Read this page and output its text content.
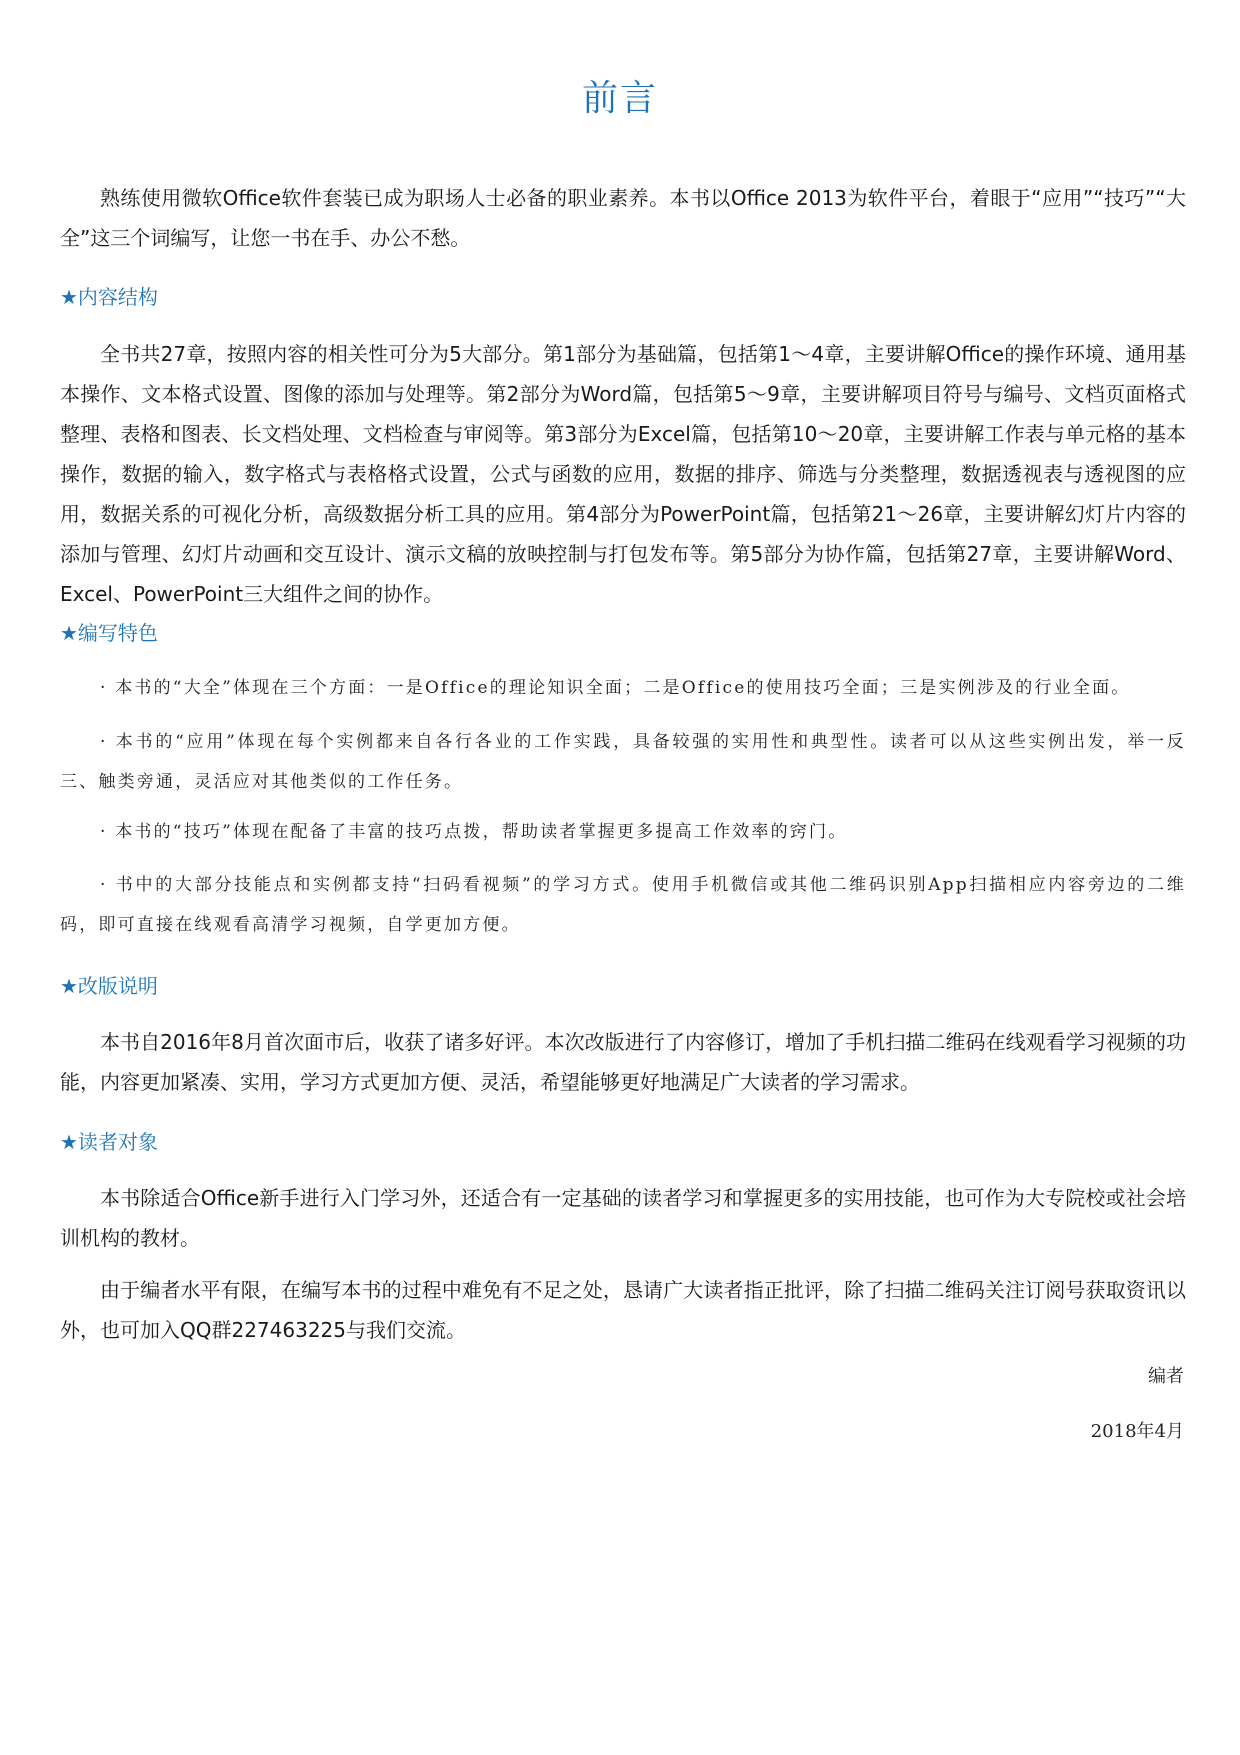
前言

熟练使用微软Office软件套装已成为职场人士必备的职业素养。本书以Office 2013为软件平台，着眼于“应用”“技巧”“大全”这三个词编写，让您一书在手、办公不愁。

★内容结构

全书共27章，按照内容的相关性可分为5大部分。第1部分为基础篇，包括第1～4章，主要讲解Office的操作环境、通用基本操作、文本格式设置、图像的添加与处理等。第2部分为Word篇，包括第5～9章，主要讲解项目符号与编号、文档页面格式整理、表格和图表、长文档处理、文档检查与审阅等。第3部分为Excel篇，包括第10～20章，主要讲解工作表与单元格的基本操作，数据的输入，数字格式与表格格式设置，公式与函数的应用，数据的排序、筛选与分类整理，数据透视表与透视图的应用，数据关系的可视化分析，高级数据分析工具的应用。第4部分为PowerPoint篇，包括第21～26章，主要讲解幻灯片内容的添加与管理、幻灯片动画和交互设计、演示文稿的放映控制与打包发布等。第5部分为协作篇，包括第27章，主要讲解Word、Excel、PowerPoint三大组件之间的协作。

★编写特色

· 本书的“大全”体现在三个方面：一是Office的理论知识全面；二是Office的使用技巧全面；三是实例涉及的行业全面。

· 本书的“应用”体现在每个实例都来自各行各业的工作实践，具备较强的实用性和典型性。读者可以从这些实例出发，举一反三、触类旁通，灵活应对其他类似的工作任务。

· 本书的“技巧”体现在配备了丰富的技巧点拨，帮助读者掌握更多提高工作效率的窍门。

· 书中的大部分技能点和实例都支持“扫码看视频”的学习方式。使用手机微信或其他二维码识别App扫描相应内容旁边的二维码，即可直接在线观看高清学习视频，自学更加方便。

★改版说明

本书自2016年8月首次面市后，收获了诸多好评。本次改版进行了内容修订，增加了手机扫描二维码在线观看学习视频的功能，内容更加紧凑、实用，学习方式更加方便、灵活，希望能够更好地满足广大读者的学习需求。

★读者对象

本书除适合Office新手进行入门学习外，还适合有一定基础的读者学习和掌握更多的实用技能，也可作为大专院校或社会培训机构的教材。

由于编者水平有限，在编写本书的过程中难免有不足之处，恳请广大读者指正批评，除了扫描二维码关注订阅号获取资讯以外，也可加入QQ群227463225与我们交流。

编者
2018年4月
